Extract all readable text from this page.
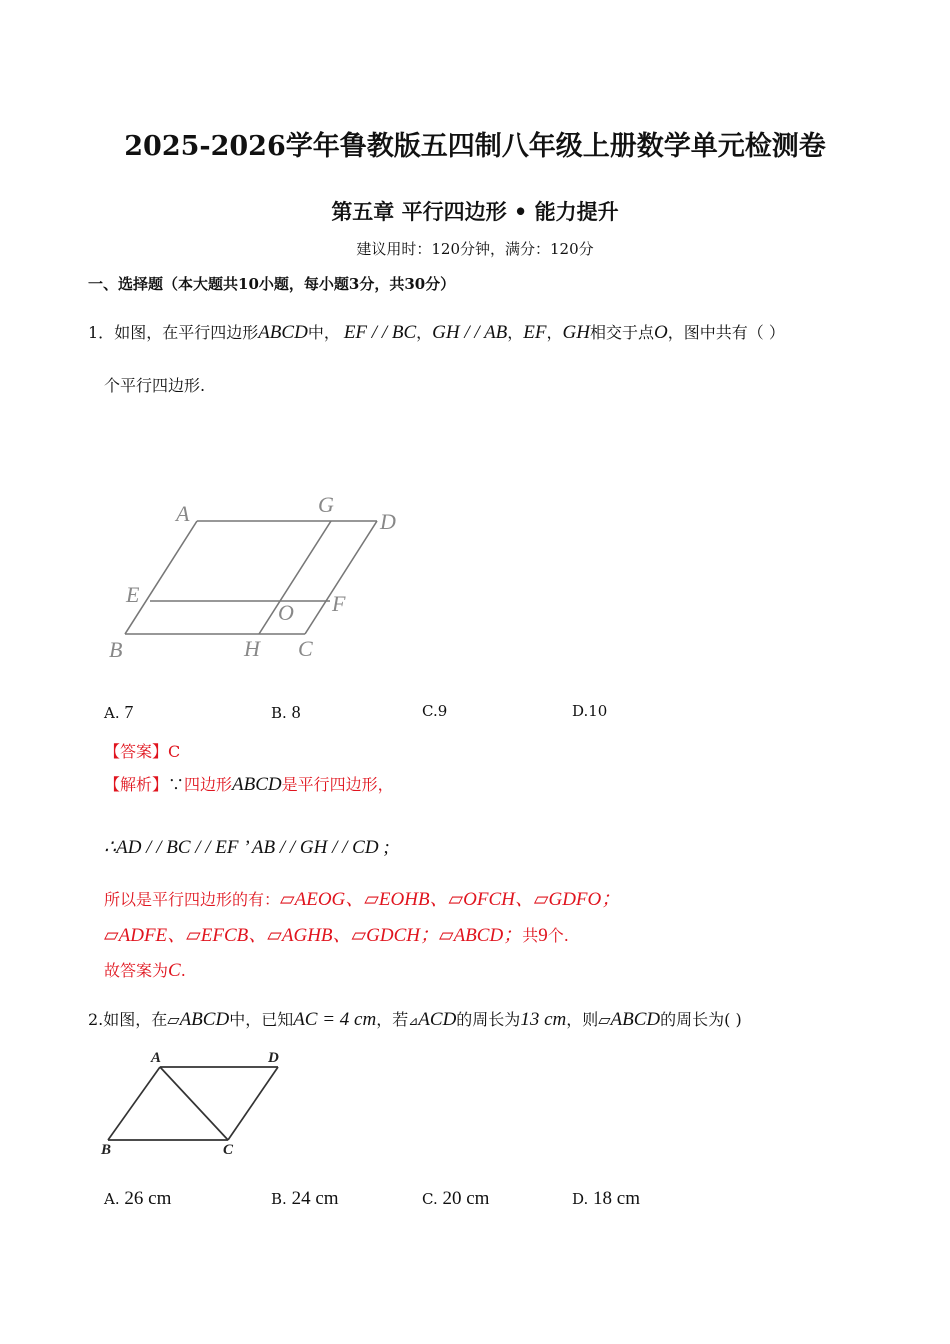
2025-2026学年鲁教版五四制八年级上册数学单元检测卷
第五章 平行四边形 • 能力提升
建议用时：120分钟，满分：120分
一、选择题（本大题共10小题，每小题3分，共30分）
1．如图，在平行四边形ABCD中， EF / / BC，GH / / AB，EF，GH相交于点O，图中共有（ ）
个平行四边形.
A	G
D
E
O F
B	H C
A. 7	B. 8	C.9	D.10
【答案】C
【解析】∵四边形ABCD是平行四边形，
∴AD / / BC / / EF ’ AB / / GH / / CD ;
所以是平行四边形的有：▱AEOG、▱EOHB、▱OFCH、▱GDFO；
▱ADFE、▱EFCB、▱AGHB、▱GDCH；▱ABCD；共9个.
故答案为C.
2.如图，在▱ABCD中，已知AC = 4 cm，若⊿ACD的周长为13 cm，则▱ABCD的周长为( )
A	D
B	C
A. 26 cm	B. 24 cm	C. 20 cm	D. 18 cm
